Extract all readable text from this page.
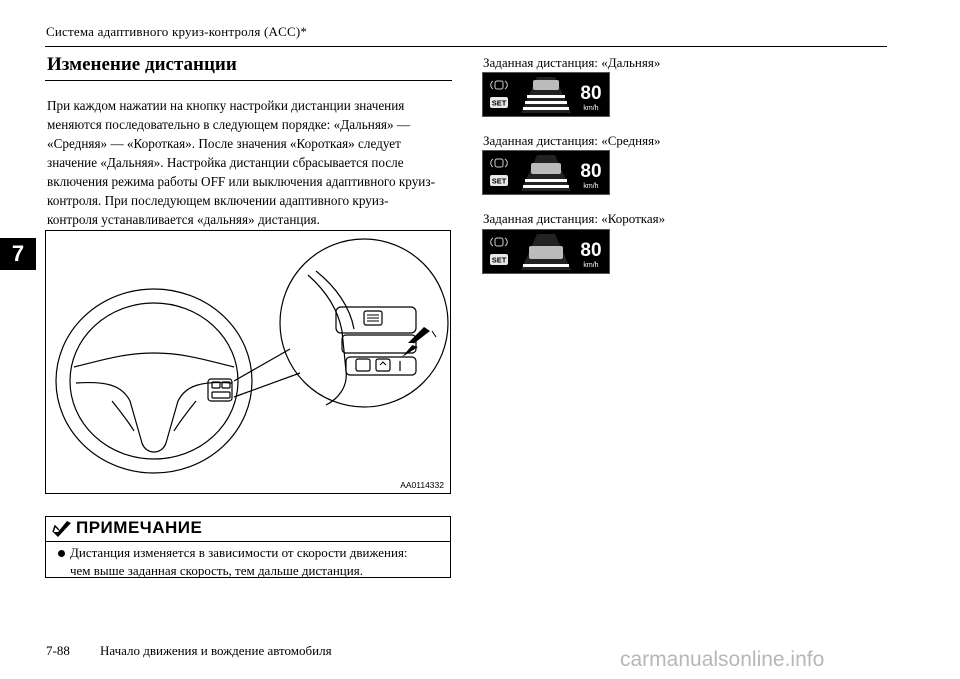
Система адаптивного круиз-контроля (ACC)*
7
Изменение дистанции
При каждом нажатии на кнопку настройки дистанции значения
меняются последовательно в следующем порядке: «Дальняя» —
«Средняя» — «Короткая». После значения «Короткая» следует
значение «Дальняя». Настройка дистанции сбрасывается после
включения режима работы OFF или выключения адаптивного круиз-
контроля. При последующем включении адаптивного круиз-
контроля устанавливается «дальняя» дистанция.
AA0114332
ПРИМЕЧАНИЕ
Дистанция изменяется в зависимости от скорости движения:
чем выше заданная скорость, тем дальше дистанция.
Заданная дистанция: «Дальняя»
SET	80
km/h
Заданная дистанция: «Средняя»
SET	80
km/h
Заданная дистанция: «Короткая»
SET	80
km/h
7-88 Начало движения и вождение автомобиля	carmanualsonline.info
